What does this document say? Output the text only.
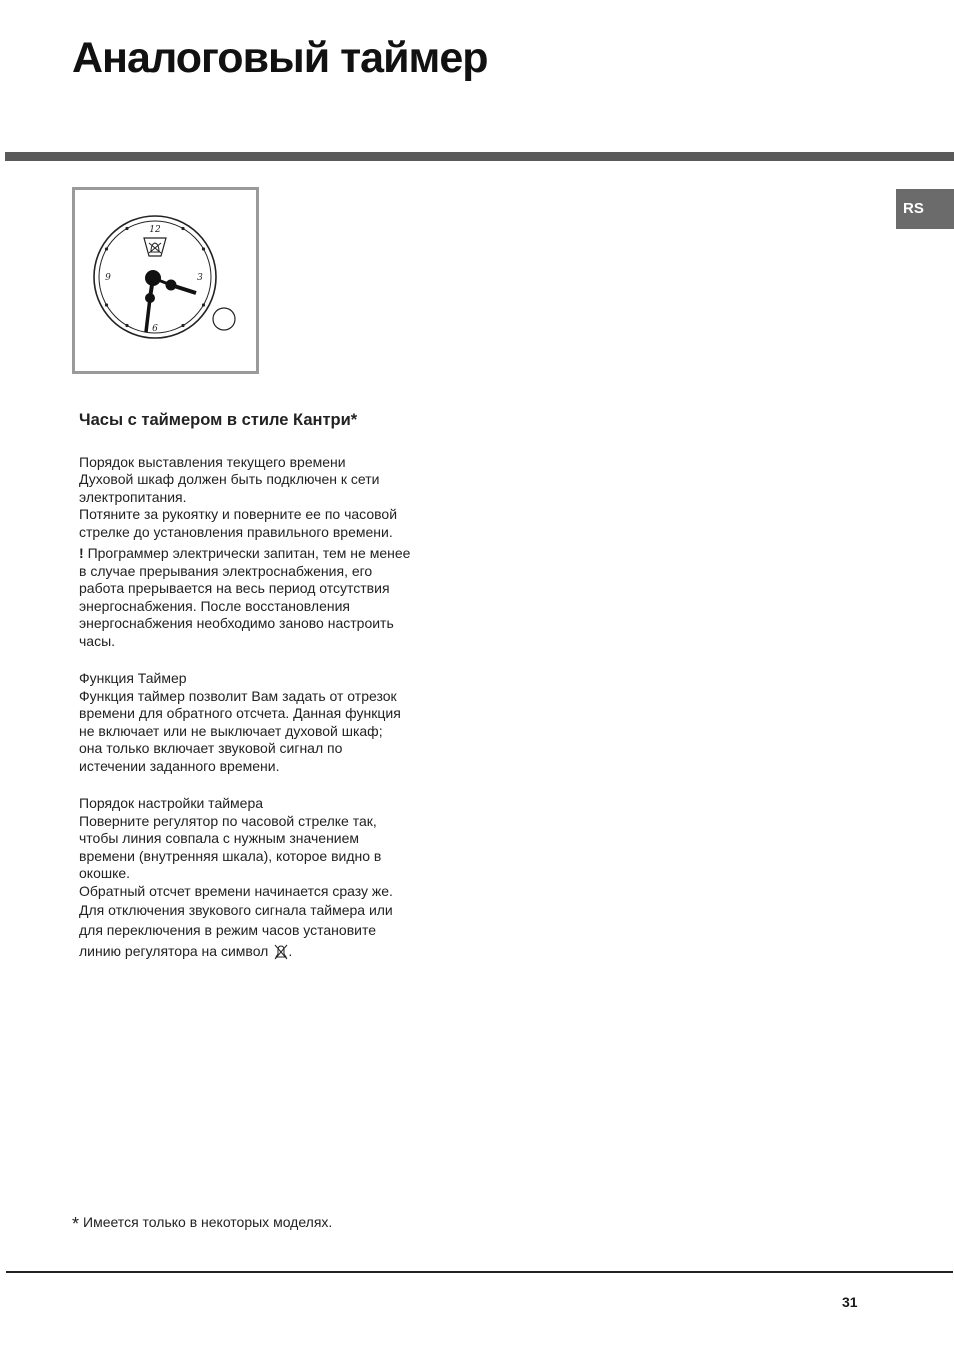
Аналоговый таймер
RS
12
3
6
9
Часы с таймером в стиле Кантри*

Порядок выставления текущего времени

Духовой шкаф должен быть подключен к сети

электропитания.

Потяните за рукоятку и поверните ее по часовой

стрелке до установления правильного времени.

! Программер электрически запитан, тем не менее

в случае прерывания электроснабжения, его

работа прерывается на весь период отсутствия

энергоснабжения. После восстановления

энергоснабжения необходимо заново настроить

часы.

Функция Таймер

Функция таймер позволит Вам задать от отрезок

времени для обратного отсчета. Данная функция

не включает или не выключает духовой шкаф;

она только включает звуковой сигнал по

истечении заданного времени.

Порядок настройки таймера

Поверните регулятор по часовой стрелке так,

чтобы линия совпала с нужным значением

времени (внутренняя шкала), которое видно в

окошке.

Обратный отсчет времени начинается сразу же.

Для отключения звукового сигнала таймера или

для переключения в режим часов установите

линию регулятора на символ .

* Имеется только в некоторых моделях.
31
